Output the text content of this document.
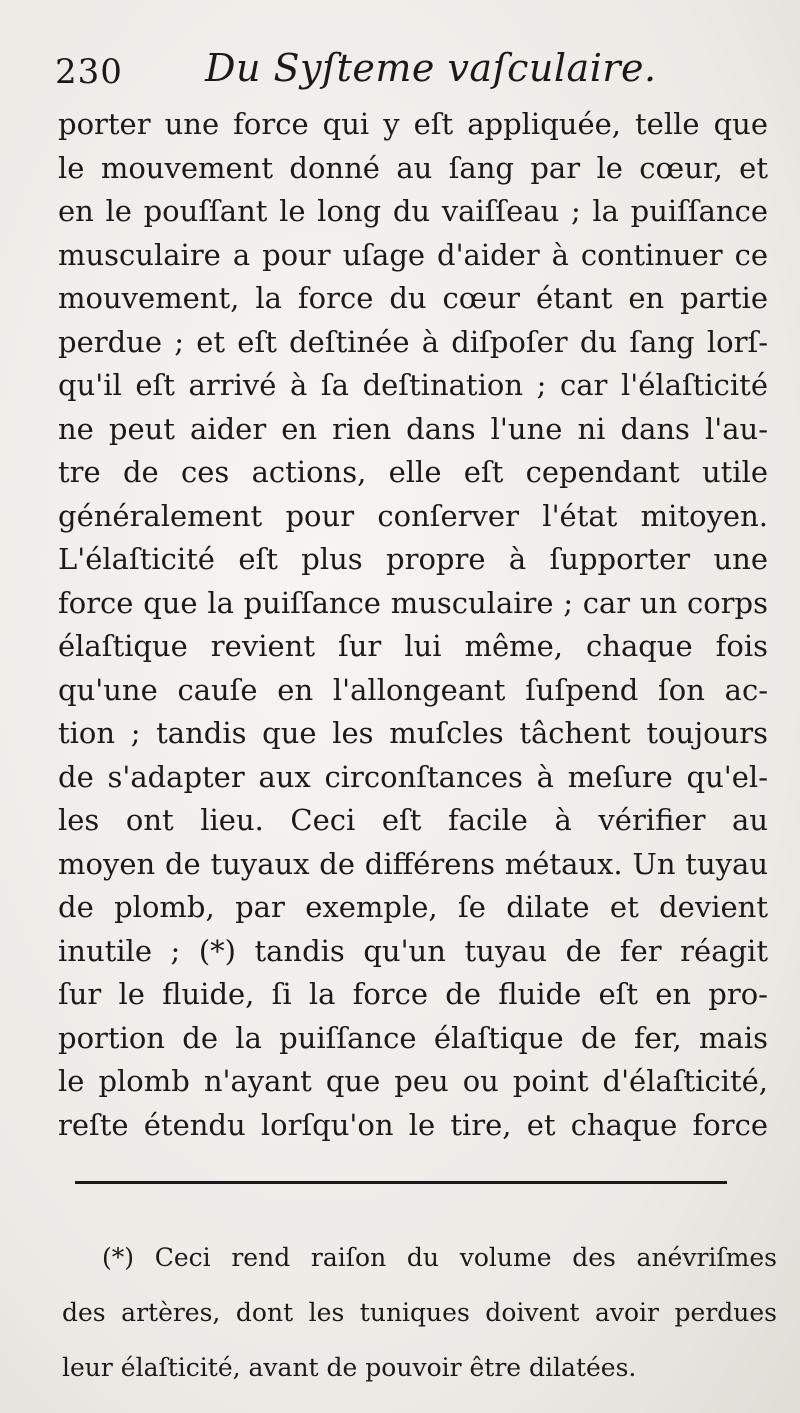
230 Du Syſteme vaſculaire.
porter une force qui y eſt appliquée, telle que
le mouvement donné au ſang par le cœur, et
en le pouſſant le long du vaiſſeau ; la puiſſance
musculaire a pour uſage d'aider à continuer ce
mouvement, la force du cœur étant en partie
perdue ; et eſt deſtinée à diſpoſer du ſang lorſ-
qu'il eſt arrivé à ſa deſtination ; car l'élaſticité
ne peut aider en rien dans l'une ni dans l'au-
tre de ces actions, elle eſt cependant utile
généralement pour conſerver l'état mitoyen.
L'élaſticité eſt plus propre à ſupporter une
force que la puiſſance musculaire ; car un corps
élaſtique revient ſur lui même, chaque fois
qu'une cauſe en l'allongeant ſuſpend ſon ac-
tion ; tandis que les muſcles tâchent toujours
de s'adapter aux circonſtances à meſure qu'el-
les ont lieu. Ceci eſt facile à vérifier au
moyen de tuyaux de différens métaux. Un tuyau
de plomb, par exemple, ſe dilate et devient
inutile ; (*) tandis qu'un tuyau de fer réagit
ſur le fluide, ſi la force de fluide eſt en pro-
portion de la puiſſance élaſtique de fer, mais
le plomb n'ayant que peu ou point d'élaſticité,
reſte étendu lorſqu'on le tire, et chaque force
(*) Ceci rend raiſon du volume des anévriſmes
des artères, dont les tuniques doivent avoir perdues
leur élaſticité, avant de pouvoir être dilatées.
